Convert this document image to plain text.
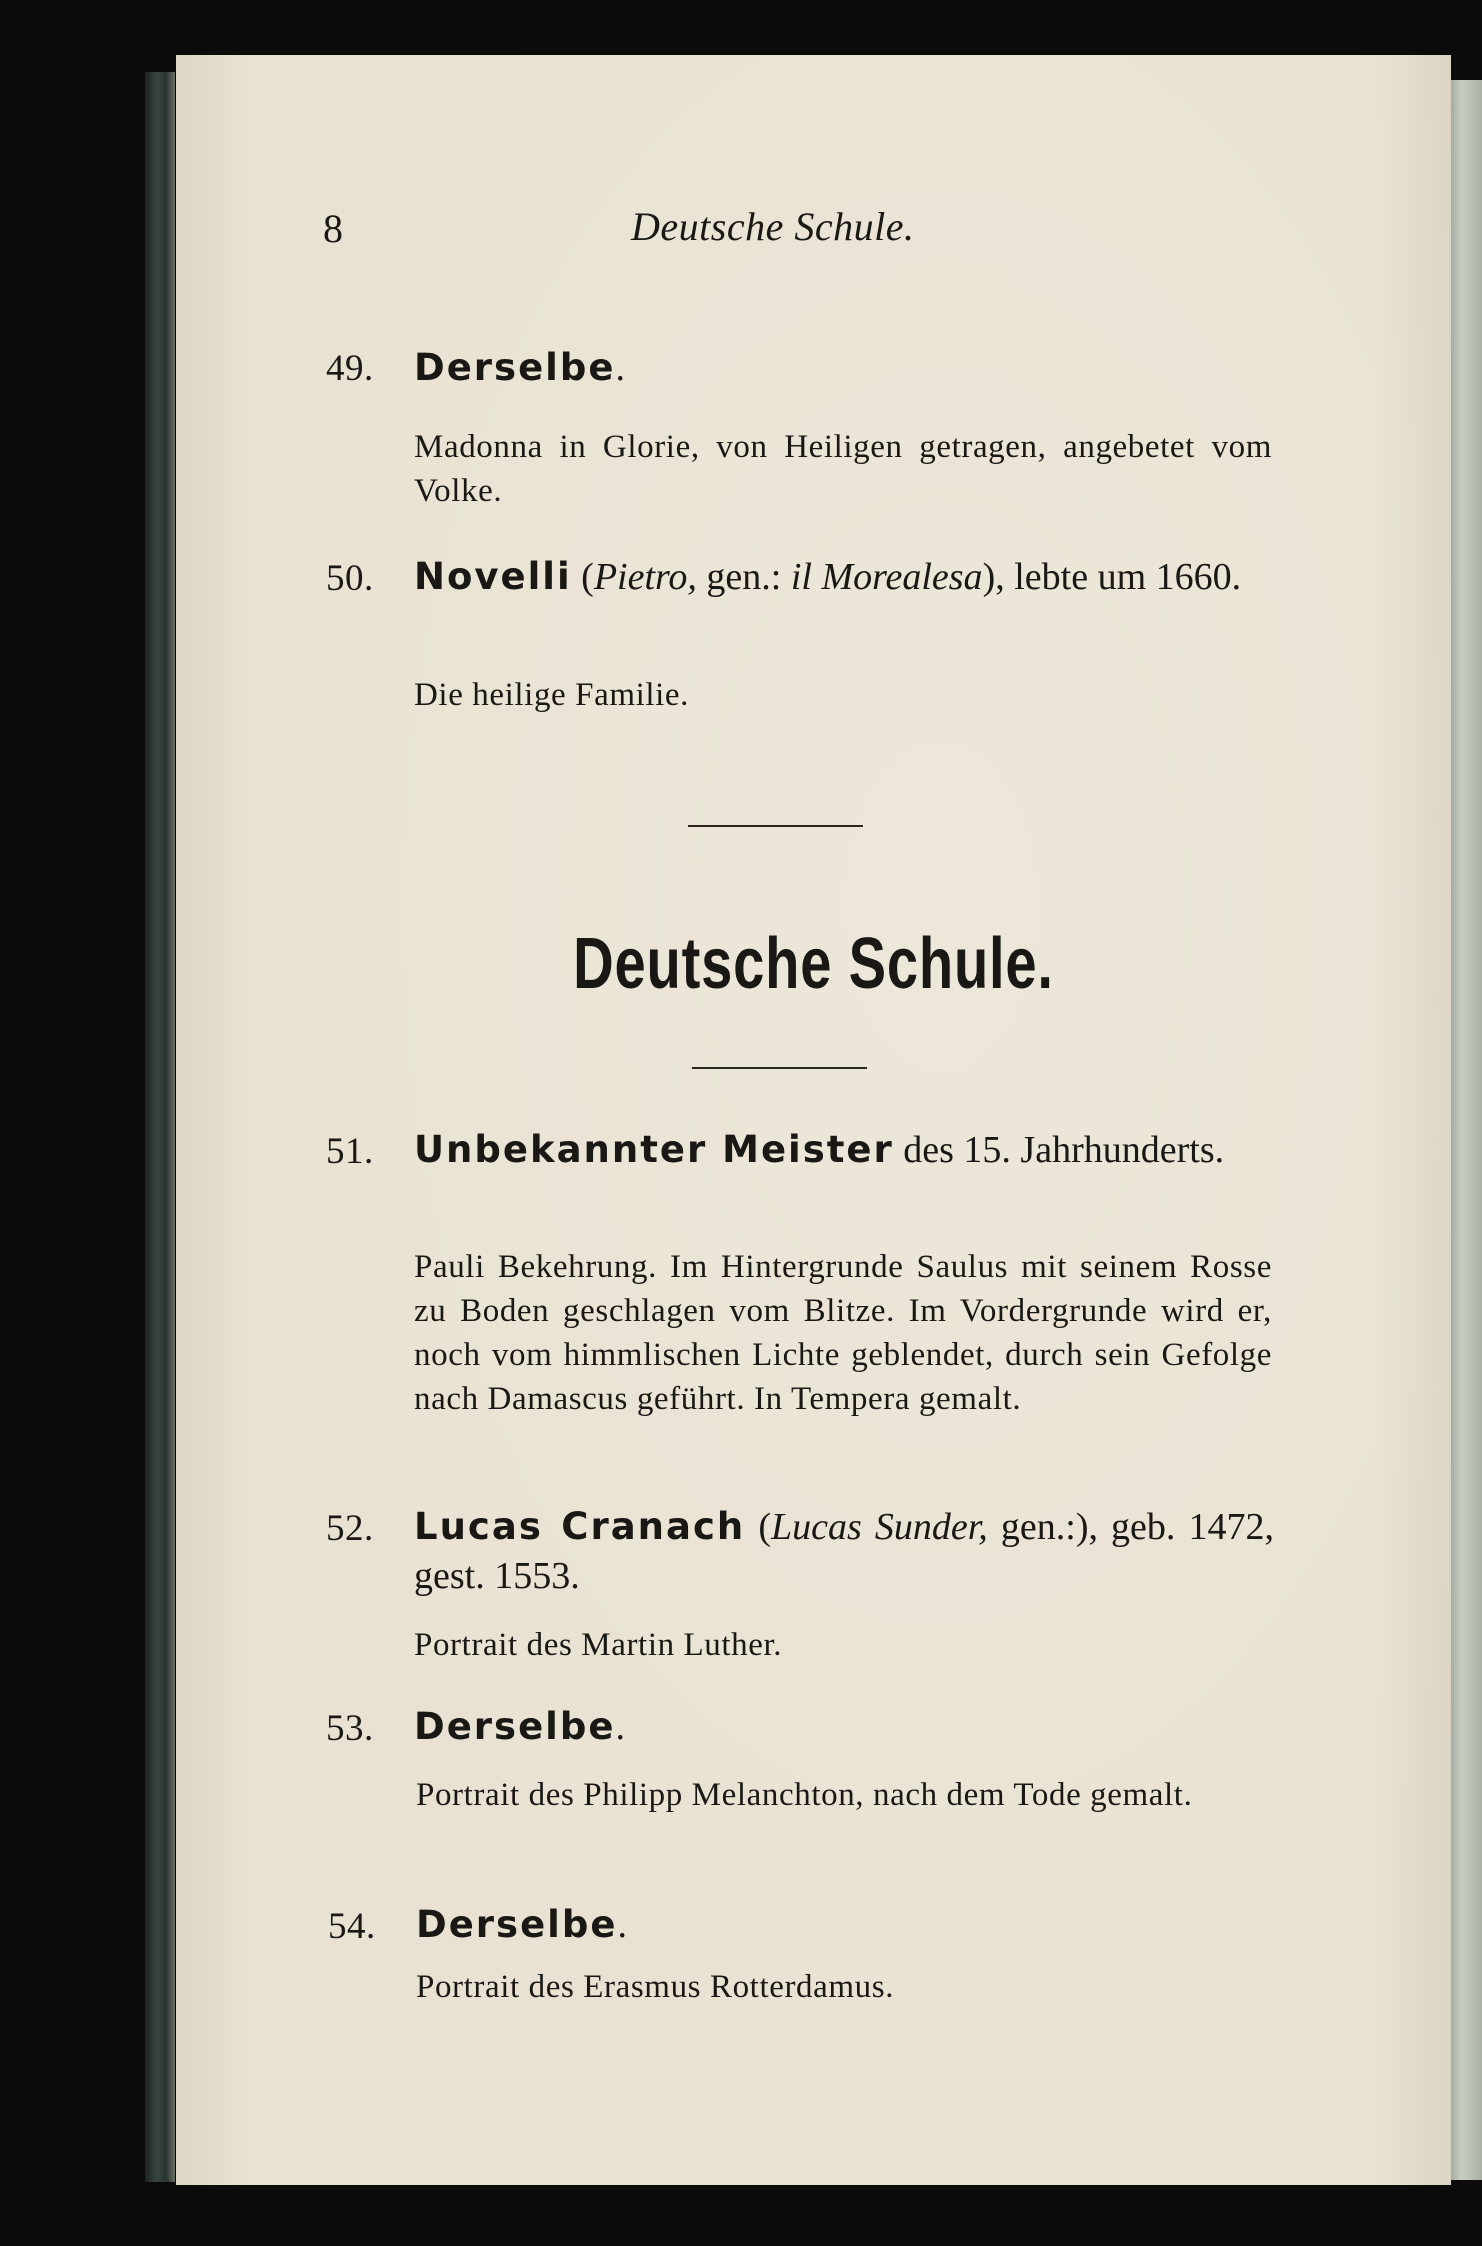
8	Deutsche Schule.
49. Derselbe.
Madonna in Glorie, von Heiligen getragen, angebetet vom Volke.
50. Novelli (Pietro, gen.: il Morealesa), lebte um 1660.
Die heilige Familie.
Deutsche Schule.
51. Unbekannter Meister des 15. Jahrhunderts.
Pauli Bekehrung. Im Hintergrunde Saulus mit seinem Rosse zu Boden geschlagen vom Blitze. Im Vordergrunde wird er, noch vom himmlischen Lichte geblendet, durch sein Gefolge nach Damascus geführt. In Tempera gemalt.
52. Lucas Cranach (Lucas Sunder, gen.:), geb. 1472, gest. 1553.
Portrait des Martin Luther.
53. Derselbe.
Portrait des Philipp Melanchton, nach dem Tode gemalt.
54. Derselbe.
Portrait des Erasmus Rotterdamus.
